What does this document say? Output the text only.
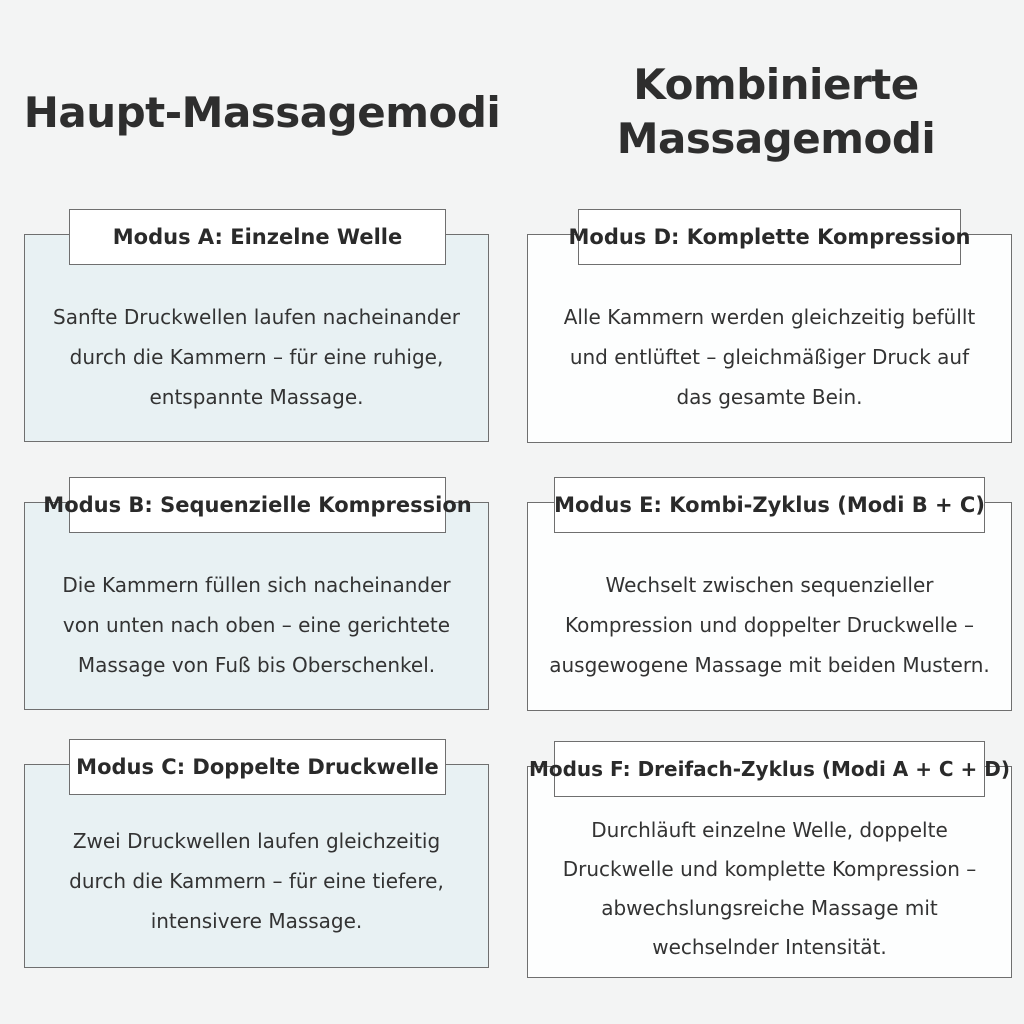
Haupt-Massagemodi
Kombinierte
Massagemodi
Modus A: Einzelne Welle
Sanfte Druckwellen laufen nacheinander
durch die Kammern – für eine ruhige,
entspannte Massage.
Modus B: Sequenzielle Kompression
Die Kammern füllen sich nacheinander
von unten nach oben – eine gerichtete
Massage von Fuß bis Oberschenkel.
Modus C: Doppelte Druckwelle
Zwei Druckwellen laufen gleichzeitig
durch die Kammern – für eine tiefere,
intensivere Massage.
Modus D: Komplette Kompression
Alle Kammern werden gleichzeitig befüllt
und entlüftet – gleichmäßiger Druck auf
das gesamte Bein.
Modus E: Kombi-Zyklus (Modi B + C)
Wechselt zwischen sequenzieller
Kompression und doppelter Druckwelle –
ausgewogene Massage mit beiden Mustern.
Modus F: Dreifach-Zyklus (Modi A + C + D)
Durchläuft einzelne Welle, doppelte
Druckwelle und komplette Kompression –
abwechslungsreiche Massage mit
wechselnder Intensität.
